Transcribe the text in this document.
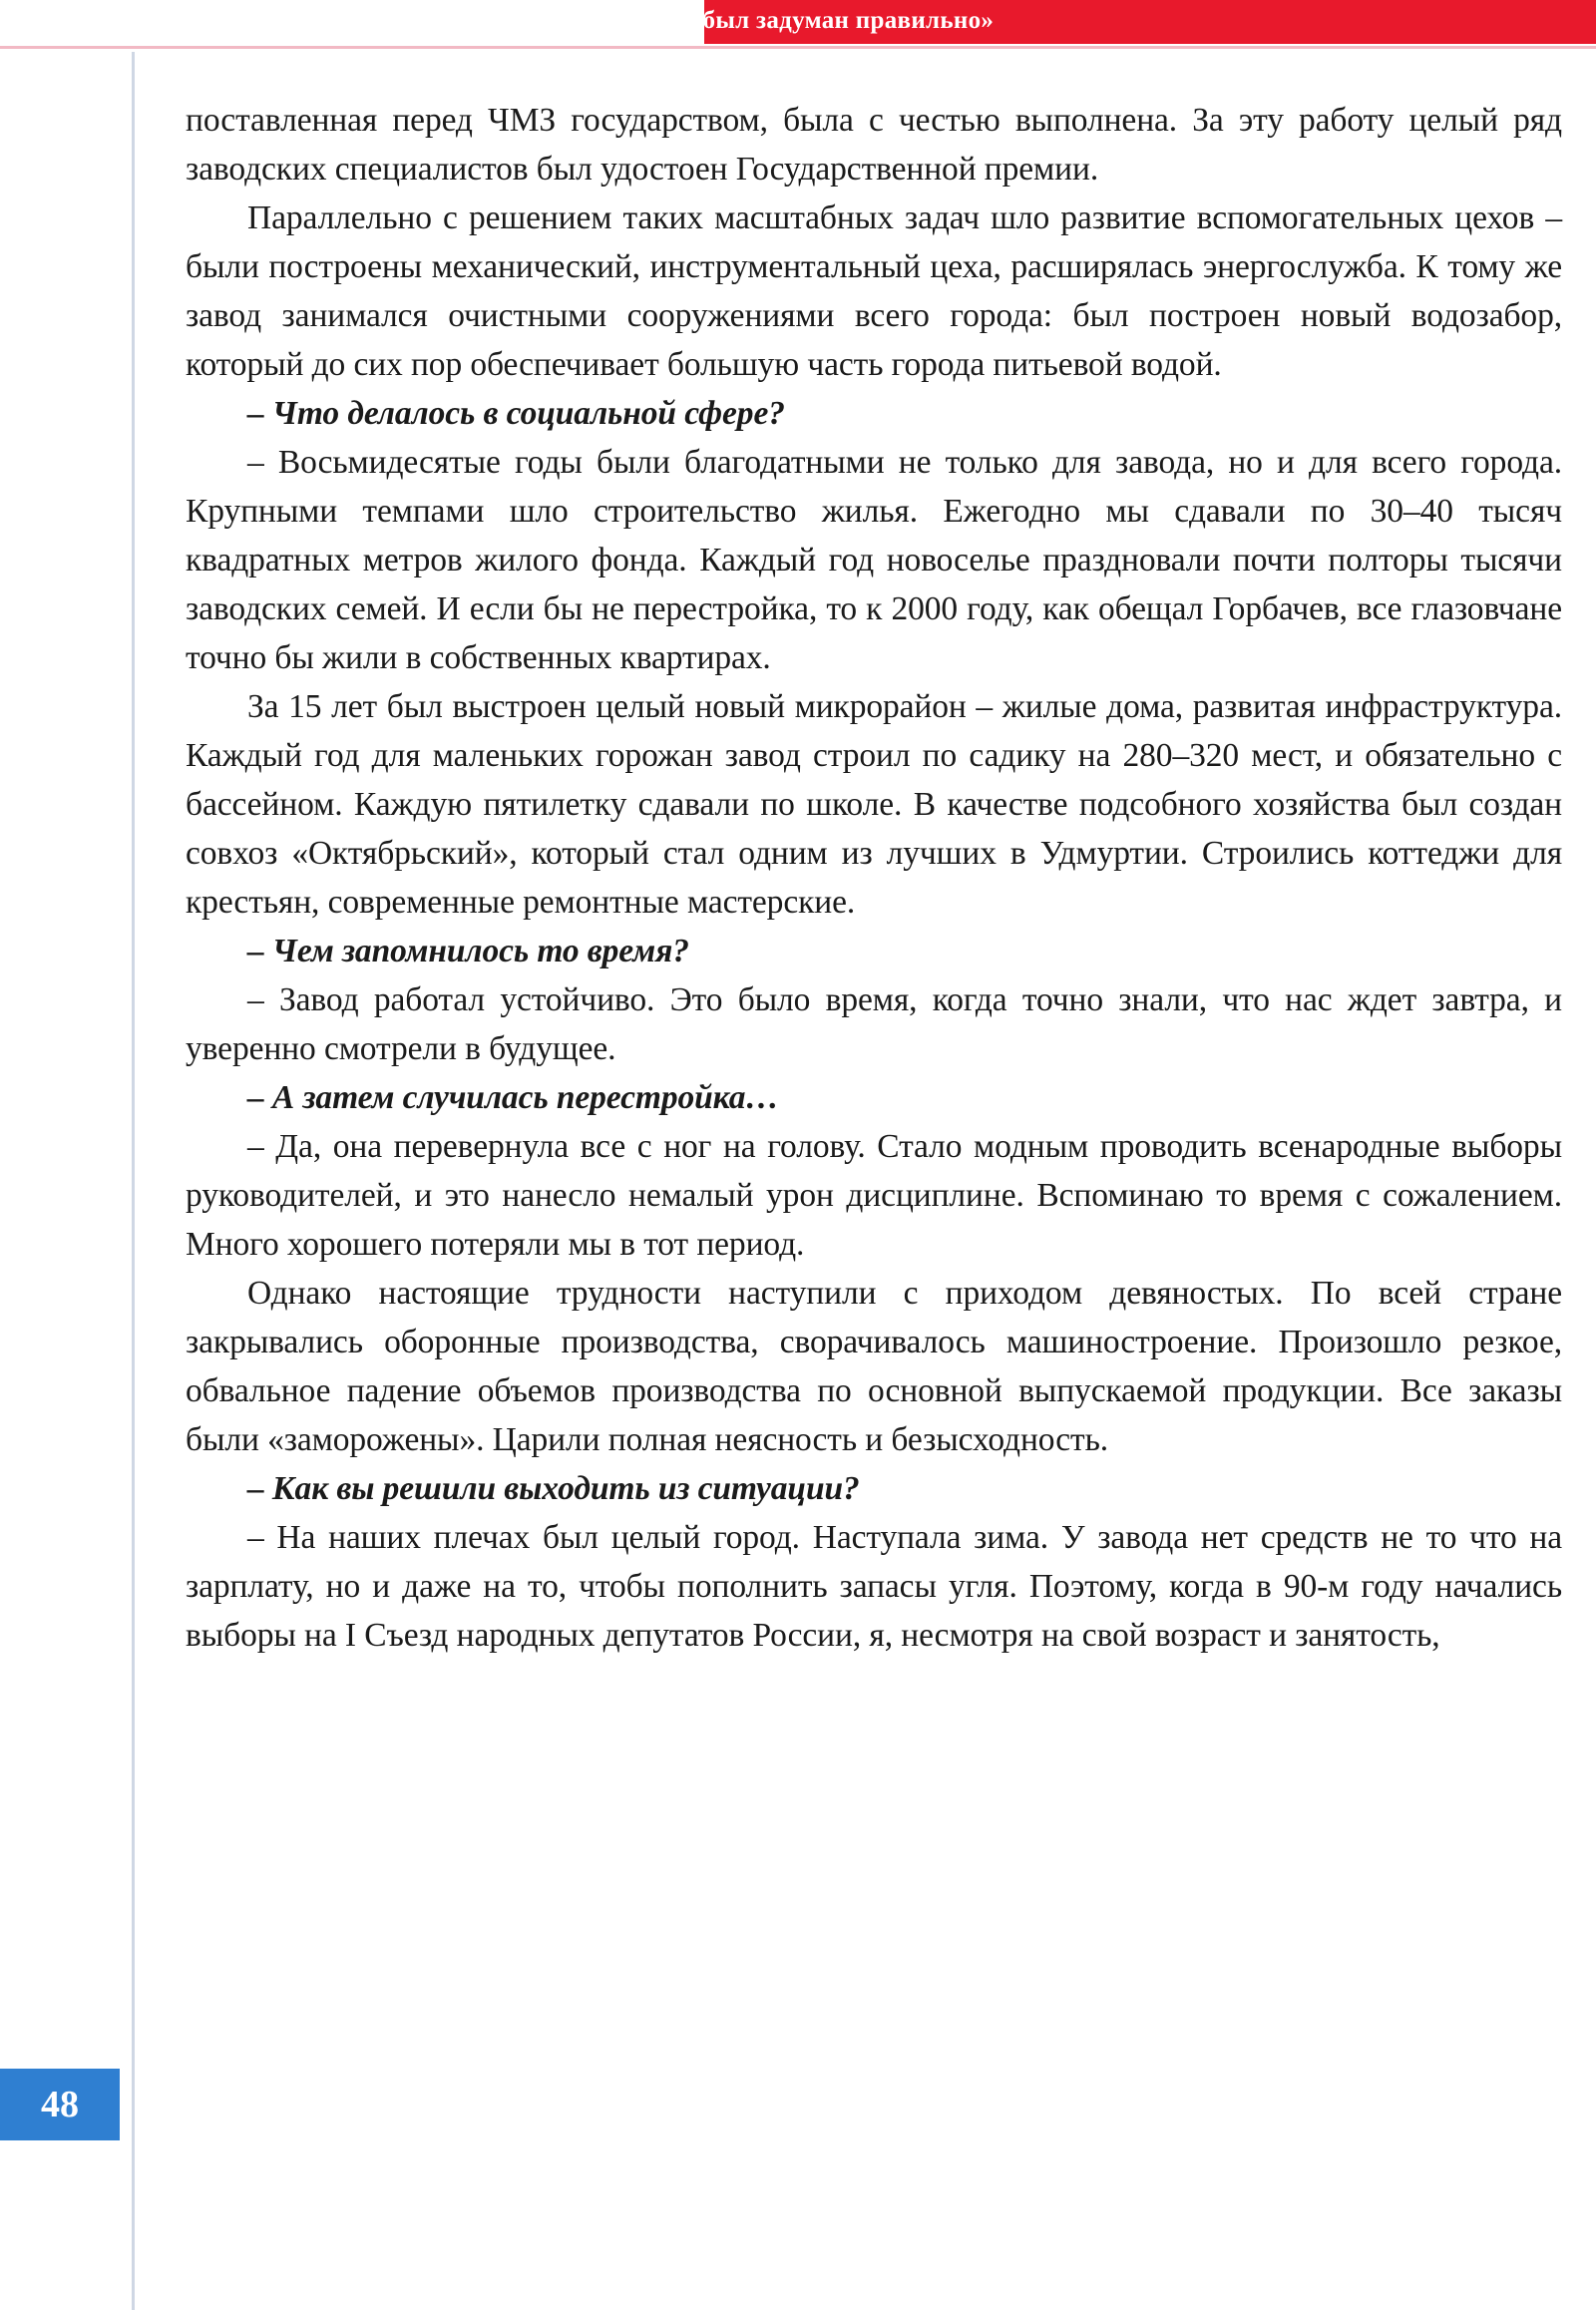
«ТВЭЛ» был задуман правильно»
48

поставленная перед ЧМЗ государством, была с честью выполнена. За эту работу целый ряд заводских специалистов был удостоен Государственной премии.

Параллельно с решением таких масштабных задач шло развитие вспомогательных цехов – были построены механический, инструментальный цеха, расширялась энергослужба. К тому же завод занимался очистными сооружениями всего города: был построен новый водозабор, который до сих пор обеспечивает большую часть города питьевой водой.

– Что делалось в социальной сфере?

– Восьмидесятые годы были благодатными не только для завода, но и для всего города. Крупными темпами шло строительство жилья. Ежегодно мы сдавали по 30–40 тысяч квадратных метров жилого фонда. Каждый год новоселье праздновали почти полторы тысячи заводских семей. И если бы не перестройка, то к 2000 году, как обещал Горбачев, все глазовчане точно бы жили в собственных квартирах.

За 15 лет был выстроен целый новый микрорайон – жилые дома, развитая инфраструктура. Каждый год для маленьких горожан завод строил по садику на 280–320 мест, и обязательно с бассейном. Каждую пятилетку сдавали по школе. В качестве подсобного хозяйства был создан совхоз «Октябрьский», который стал одним из лучших в Удмуртии. Строились коттеджи для крестьян, современные ремонтные мастерские.

– Чем запомнилось то время?

– Завод работал устойчиво. Это было время, когда точно знали, что нас ждет завтра, и уверенно смотрели в будущее.

– А затем случилась перестройка…

– Да, она перевернула все с ног на голову. Стало модным проводить всенародные выборы руководителей, и это нанесло немалый урон дисциплине. Вспоминаю то время с сожалением. Много хорошего потеряли мы в тот период.

Однако настоящие трудности наступили с приходом девяностых. По всей стране закрывались оборонные производства, сворачивалось машиностроение. Произошло резкое, обвальное падение объемов производства по основной выпускаемой продукции. Все заказы были «заморожены». Царили полная неясность и безысходность.

– Как вы решили выходить из ситуации?

– На наших плечах был целый город. Наступала зима. У завода нет средств не то что на зарплату, но и даже на то, чтобы пополнить запасы угля. Поэтому, когда в 90-м году начались выборы на I Съезд народных депутатов России, я, несмотря на свой возраст и занятость,
